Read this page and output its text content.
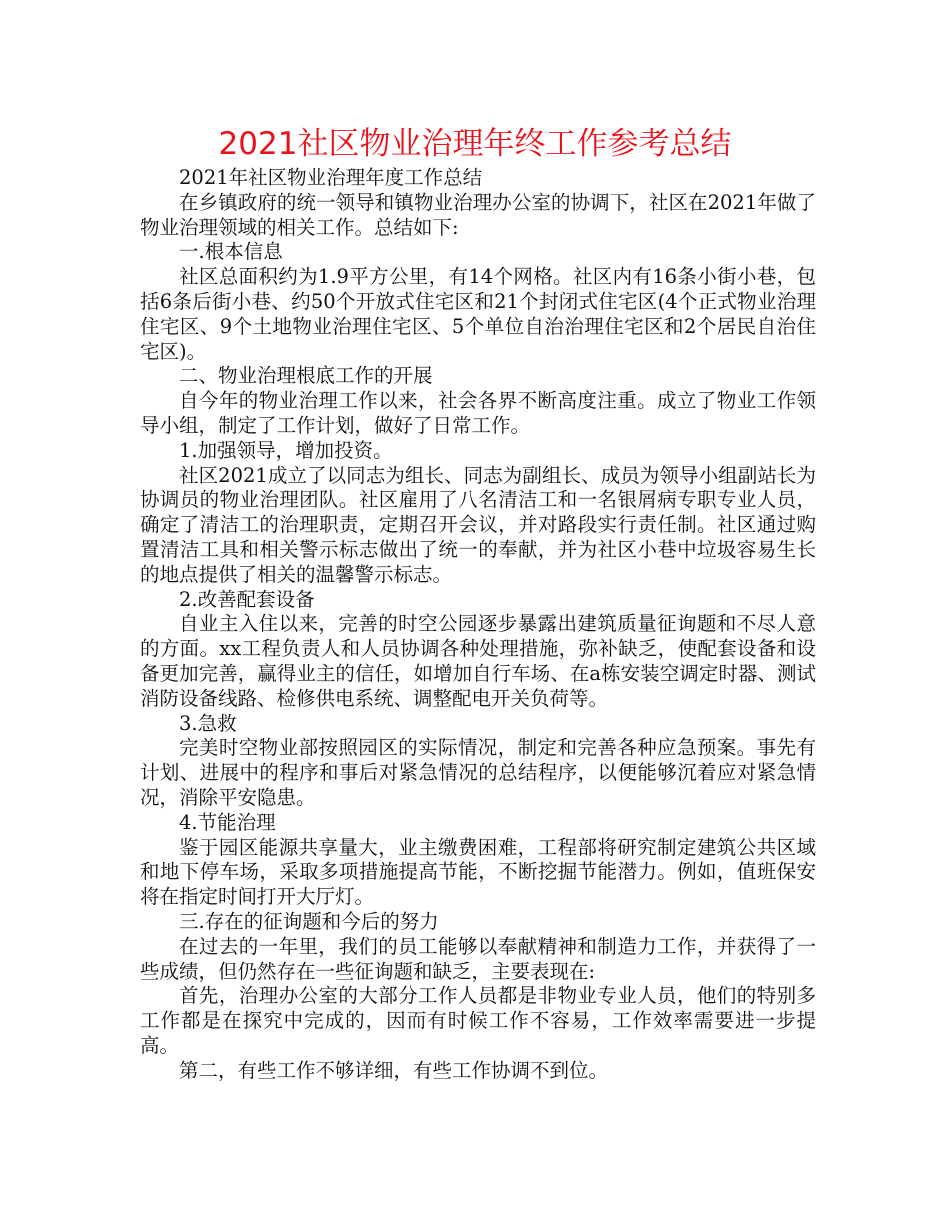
2021社区物业治理年终工作参考总结

2021年社区物业治理年度工作总结

在乡镇政府的统一领导和镇物业治理办公室的协调下，社区在2021年做了物业治理领域的相关工作。总结如下:

一.根本信息

社区总面积约为1.9平方公里，有14个网格。社区内有16条小街小巷，包括6条后街小巷、约50个开放式住宅区和21个封闭式住宅区(4个正式物业治理住宅区、9个土地物业治理住宅区、5个单位自治治理住宅区和2个居民自治住宅区)。

二、物业治理根底工作的开展

自今年的物业治理工作以来，社会各界不断高度注重。成立了物业工作领导小组，制定了工作计划，做好了日常工作。

1.加强领导，增加投资。

社区2021成立了以同志为组长、同志为副组长、成员为领导小组副站长为协调员的物业治理团队。社区雇用了八名清洁工和一名银屑病专职专业人员，确定了清洁工的治理职责，定期召开会议，并对路段实行责任制。社区通过购置清洁工具和相关警示标志做出了统一的奉献，并为社区小巷中垃圾容易生长的地点提供了相关的温馨警示标志。

2.改善配套设备

自业主入住以来，完善的时空公园逐步暴露出建筑质量征询题和不尽人意的方面。xx工程负责人和人员协调各种处理措施，弥补缺乏，使配套设备和设备更加完善，赢得业主的信任，如增加自行车场、在a栋安装空调定时器、测试消防设备线路、检修供电系统、调整配电开关负荷等。

3.急救

完美时空物业部按照园区的实际情况，制定和完善各种应急预案。事先有计划、进展中的程序和事后对紧急情况的总结程序，以便能够沉着应对紧急情况，消除平安隐患。

4.节能治理

鉴于园区能源共享量大，业主缴费困难，工程部将研究制定建筑公共区域和地下停车场，采取多项措施提高节能，不断挖掘节能潜力。例如，值班保安将在指定时间打开大厅灯。

三.存在的征询题和今后的努力

在过去的一年里，我们的员工能够以奉献精神和制造力工作，并获得了一些成绩，但仍然存在一些征询题和缺乏，主要表现在:

首先，治理办公室的大部分工作人员都是非物业专业人员，他们的特别多工作都是在探究中完成的，因而有时候工作不容易，工作效率需要进一步提高。

第二，有些工作不够详细，有些工作协调不到位。
